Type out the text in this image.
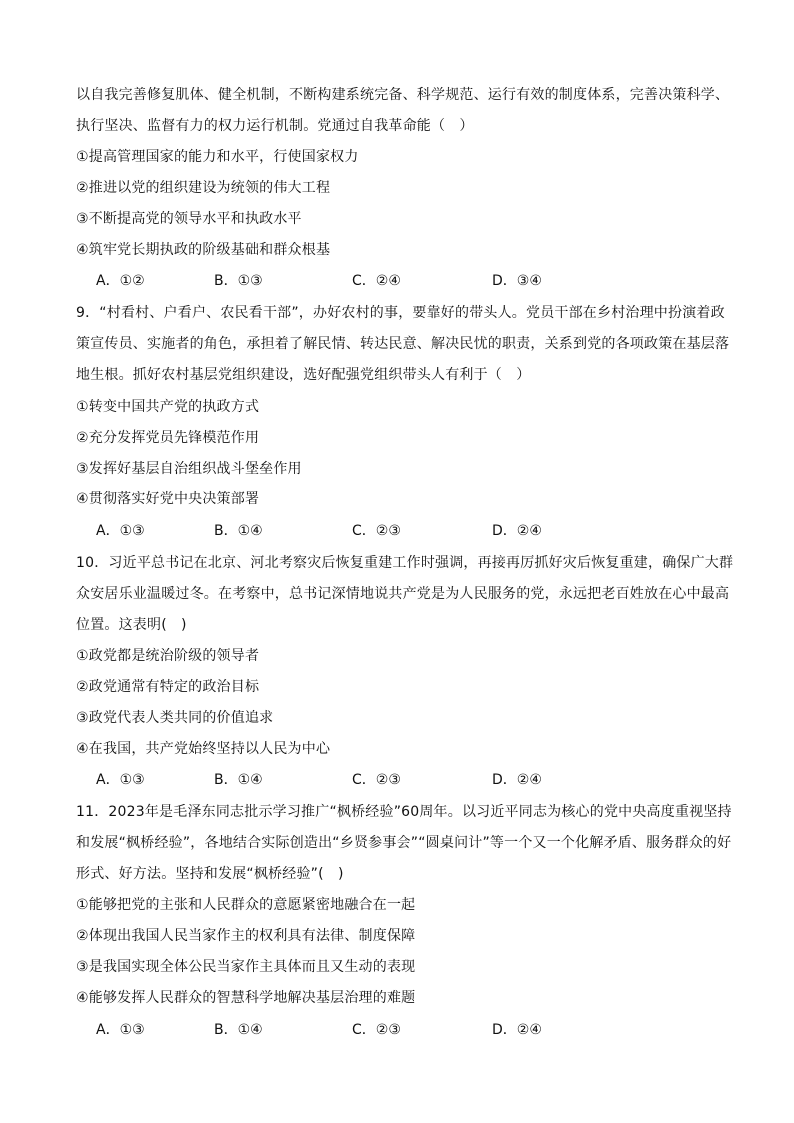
以自我完善修复肌体、健全机制，不断构建系统完备、科学规范、运行有效的制度体系，完善决策科学、
执行坚决、监督有力的权力运行机制。党通过自我革命能（　）
①提高管理国家的能力和水平，行使国家权力
②推进以党的组织建设为统领的伟大工程
③不断提高党的领导水平和执政水平
④筑牢党长期执政的阶级基础和群众根基
A．①②	B．①③	C．②④	D．③④
9．“村看村、户看户、农民看干部”，办好农村的事，要靠好的带头人。党员干部在乡村治理中扮演着政
策宣传员、实施者的角色，承担着了解民情、转达民意、解决民忧的职责，关系到党的各项政策在基层落
地生根。抓好农村基层党组织建设，选好配强党组织带头人有利于（　）
①转变中国共产党的执政方式
②充分发挥党员先锋模范作用
③发挥好基层自治组织战斗堡垒作用
④贯彻落实好党中央决策部署
A．①③	B．①④	C．②③	D．②④
10．习近平总书记在北京、河北考察灾后恢复重建工作时强调，再接再厉抓好灾后恢复重建，确保广大群
众安居乐业温暖过冬。在考察中，总书记深情地说共产党是为人民服务的党，永远把老百姓放在心中最高
位置。这表明(　)
①政党都是统治阶级的领导者
②政党通常有特定的政治目标
③政党代表人类共同的价值追求
④在我国，共产党始终坚持以人民为中心
A．①③	B．①④	C．②③	D．②④
11．2023年是毛泽东同志批示学习推广“枫桥经验”60周年。以习近平同志为核心的党中央高度重视坚持
和发展“枫桥经验”，各地结合实际创造出“乡贤参事会”“圆桌问计”等一个又一个化解矛盾、服务群众的好
形式、好方法。坚持和发展“枫桥经验”(　)
①能够把党的主张和人民群众的意愿紧密地融合在一起
②体现出我国人民当家作主的权利具有法律、制度保障
③是我国实现全体公民当家作主具体而且又生动的表现
④能够发挥人民群众的智慧科学地解决基层治理的难题
A．①③	B．①④	C．②③	D．②④
